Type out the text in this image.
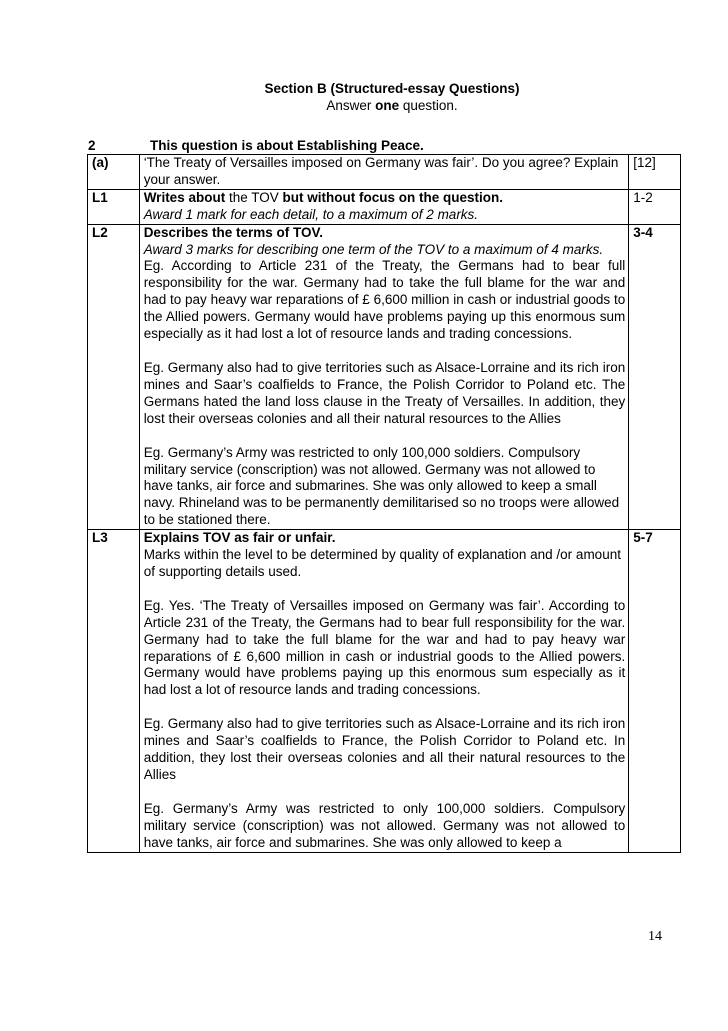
Section B (Structured-essay Questions)
Answer one question.
2	This question is about Establishing Peace.
(a)	‘The Treaty of Versailles imposed on Germany was fair’. Do you agree? Explain your answer.	[12]
L1	Writes about the TOV but without focus on the question.
Award 1 mark for each detail, to a maximum of 2 marks.	1-2
L2	Describes the terms of TOV.
Award 3 marks for describing one term of the TOV to a maximum of 4 marks.
Eg. According to Article 231 of the Treaty, the Germans had to bear full responsibility for the war. Germany had to take the full blame for the war and had to pay heavy war reparations of £ 6,600 million in cash or industrial goods to the Allied powers. Germany would have problems paying up this enormous sum especially as it had lost a lot of resource lands and trading concessions.
Eg. Germany also had to give territories such as Alsace-Lorraine and its rich iron mines and Saar’s coalfields to France, the Polish Corridor to Poland etc. The Germans hated the land loss clause in the Treaty of Versailles. In addition, they lost their overseas colonies and all their natural resources to the Allies
Eg. Germany’s Army was restricted to only 100,000 soldiers. Compulsory military service (conscription) was not allowed. Germany was not allowed to have tanks, air force and submarines. She was only allowed to keep a small navy. Rhineland was to be permanently demilitarised so no troops were allowed to be stationed there.	3-4
L3	Explains TOV as fair or unfair.
Marks within the level to be determined by quality of explanation and /or amount of supporting details used.
Eg. Yes. ‘The Treaty of Versailles imposed on Germany was fair’. According to Article 231 of the Treaty, the Germans had to bear full responsibility for the war. Germany had to take the full blame for the war and had to pay heavy war reparations of £ 6,600 million in cash or industrial goods to the Allied powers. Germany would have problems paying up this enormous sum especially as it had lost a lot of resource lands and trading concessions.
Eg. Germany also had to give territories such as Alsace-Lorraine and its rich iron mines and Saar’s coalfields to France, the Polish Corridor to Poland etc. In addition, they lost their overseas colonies and all their natural resources to the Allies
Eg. Germany’s Army was restricted to only 100,000 soldiers. Compulsory military service (conscription) was not allowed. Germany was not allowed to have tanks, air force and submarines. She was only allowed to keep a	5-7
14
